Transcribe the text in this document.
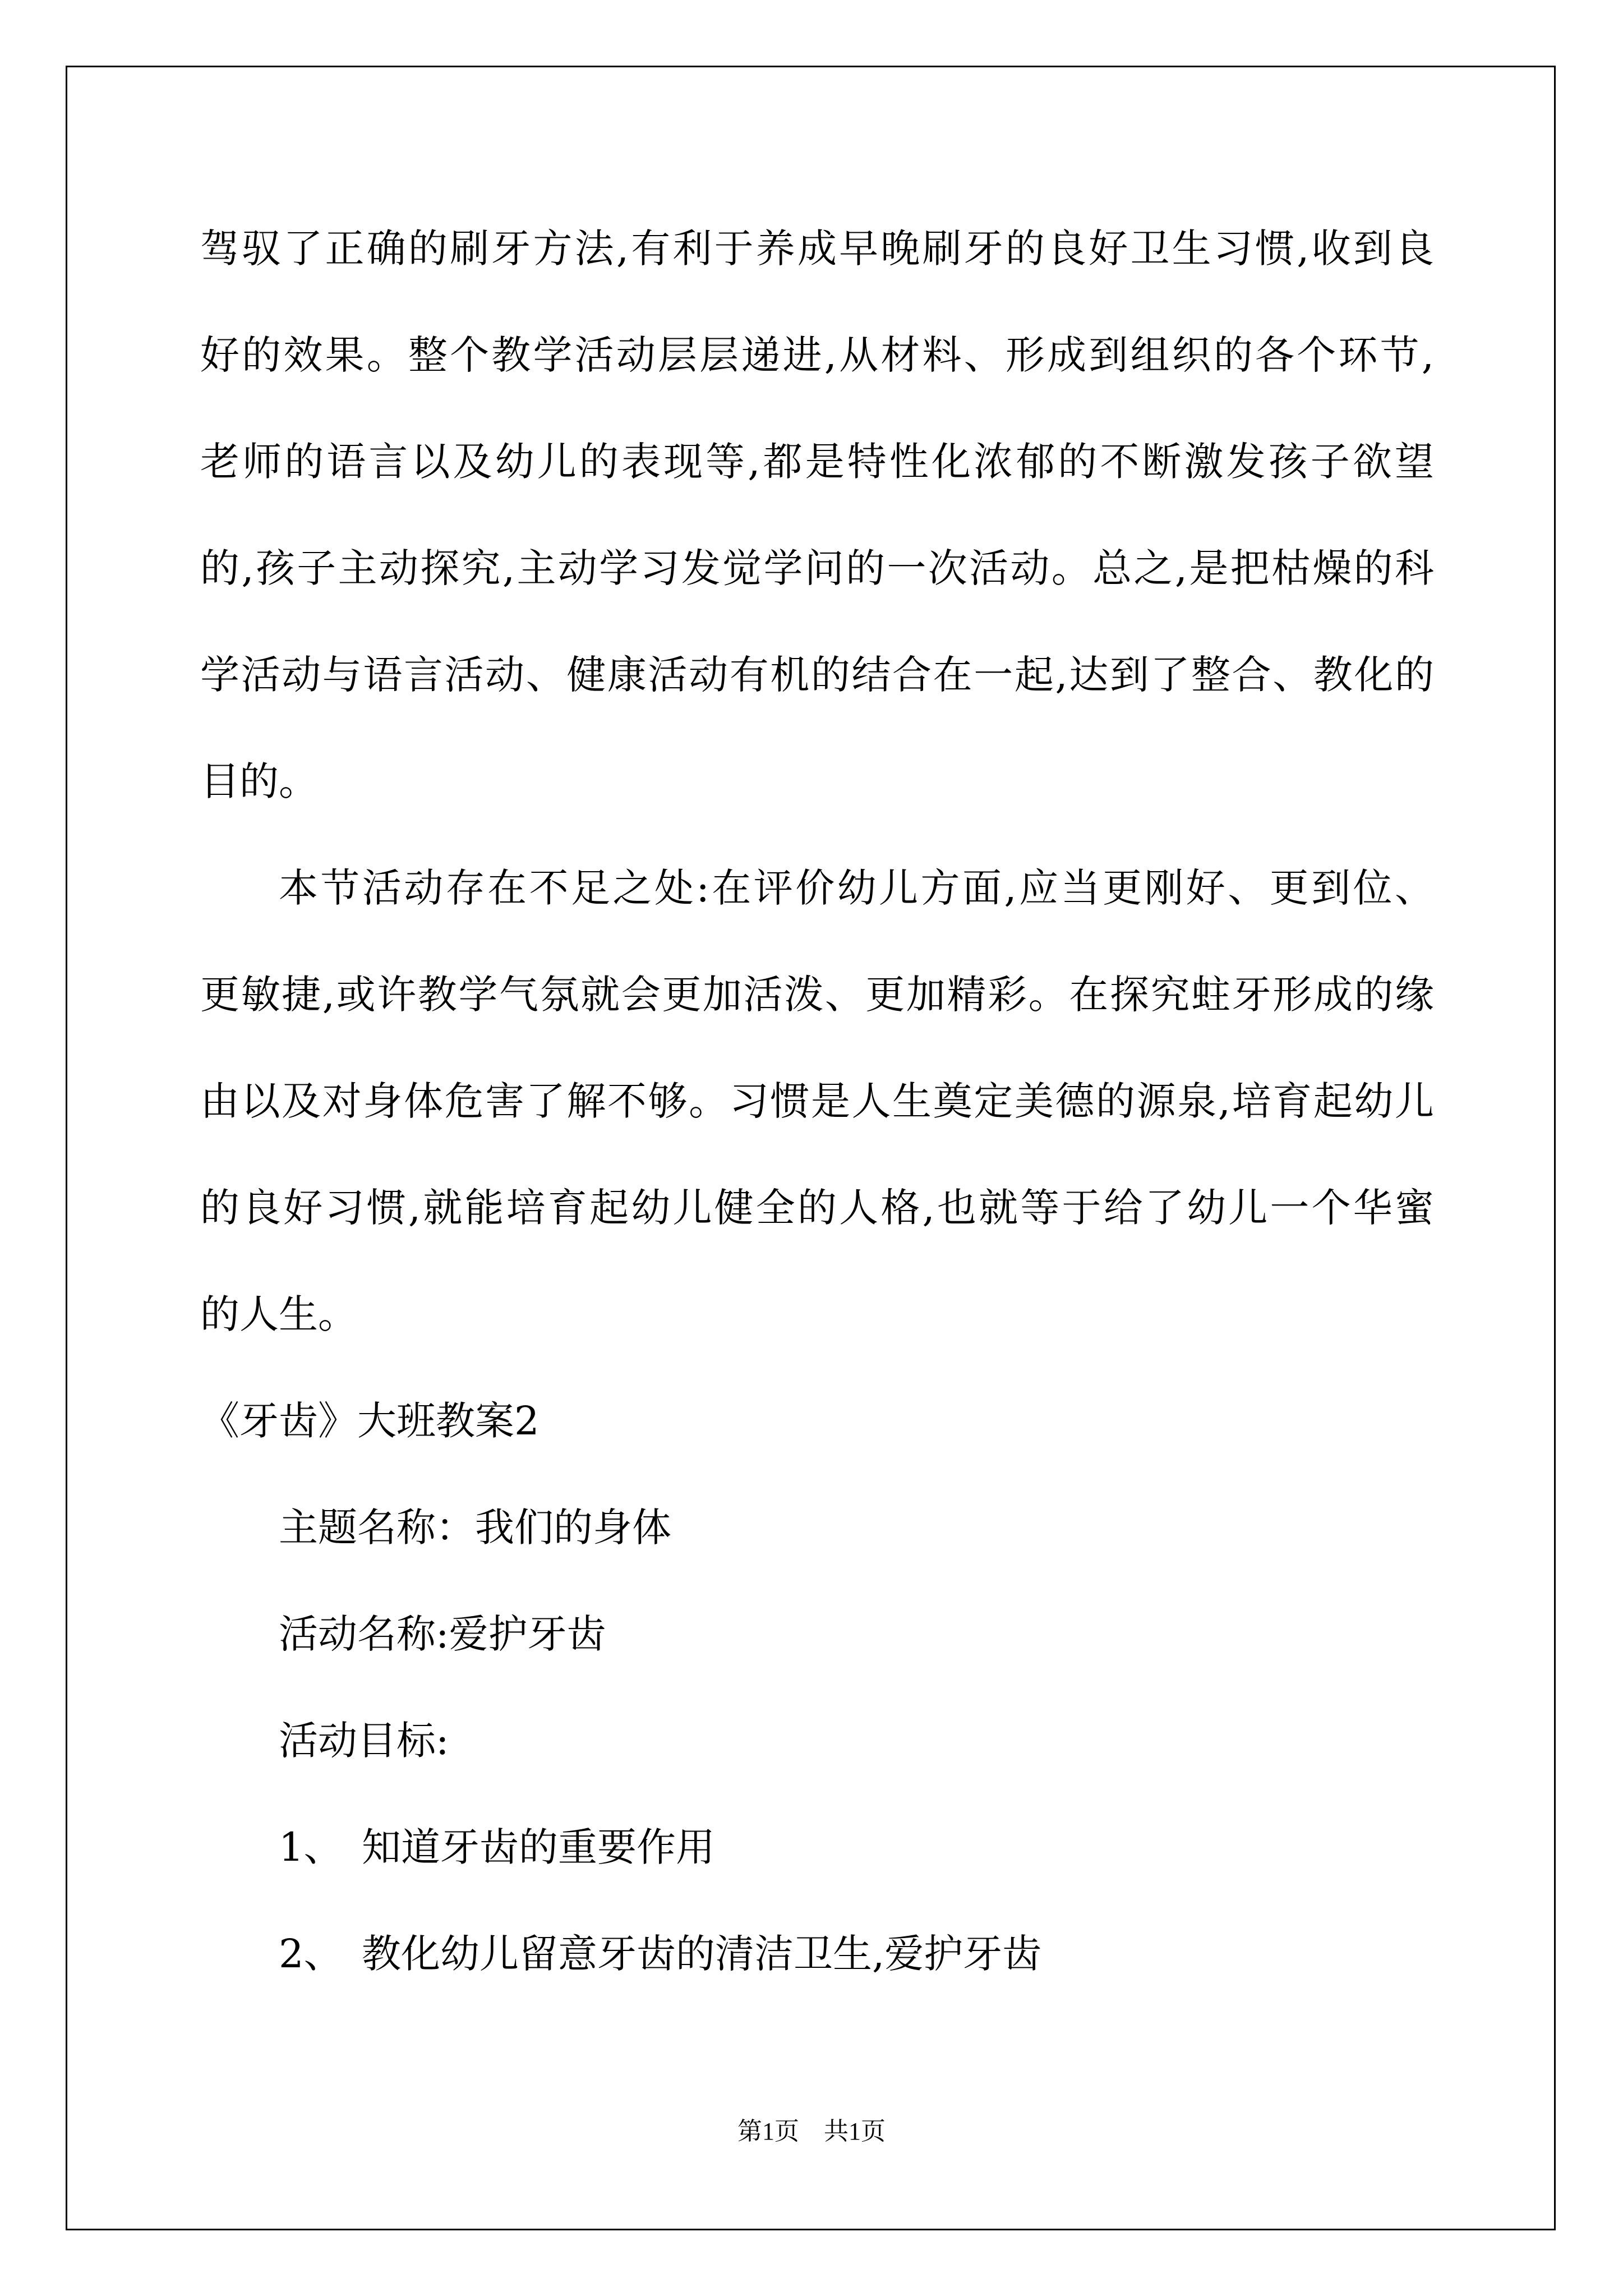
驾驭了正确的刷牙方法,有利于养成早晚刷牙的良好卫生习惯,收到良
好的效果。整个教学活动层层递进,从材料、形成到组织的各个环节,
老师的语言以及幼儿的表现等,都是特性化浓郁的不断激发孩子欲望
的,孩子主动探究,主动学习发觉学问的一次活动。总之,是把枯燥的科
学活动与语言活动、健康活动有机的结合在一起,达到了整合、教化的
目的。
本节活动存在不足之处:在评价幼儿方面,应当更刚好、更到位、
更敏捷,或许教学气氛就会更加活泼、更加精彩。在探究蛀牙形成的缘
由以及对身体危害了解不够。习惯是人生奠定美德的源泉,培育起幼儿
的良好习惯,就能培育起幼儿健全的人格,也就等于给了幼儿一个华蜜
的人生。
《牙齿》大班教案2
主题名称：我们的身体
活动名称:爱护牙齿
活动目标:
1、 知道牙齿的重要作用
2、 教化幼儿留意牙齿的清洁卫生,爱护牙齿
第1页　共1页
